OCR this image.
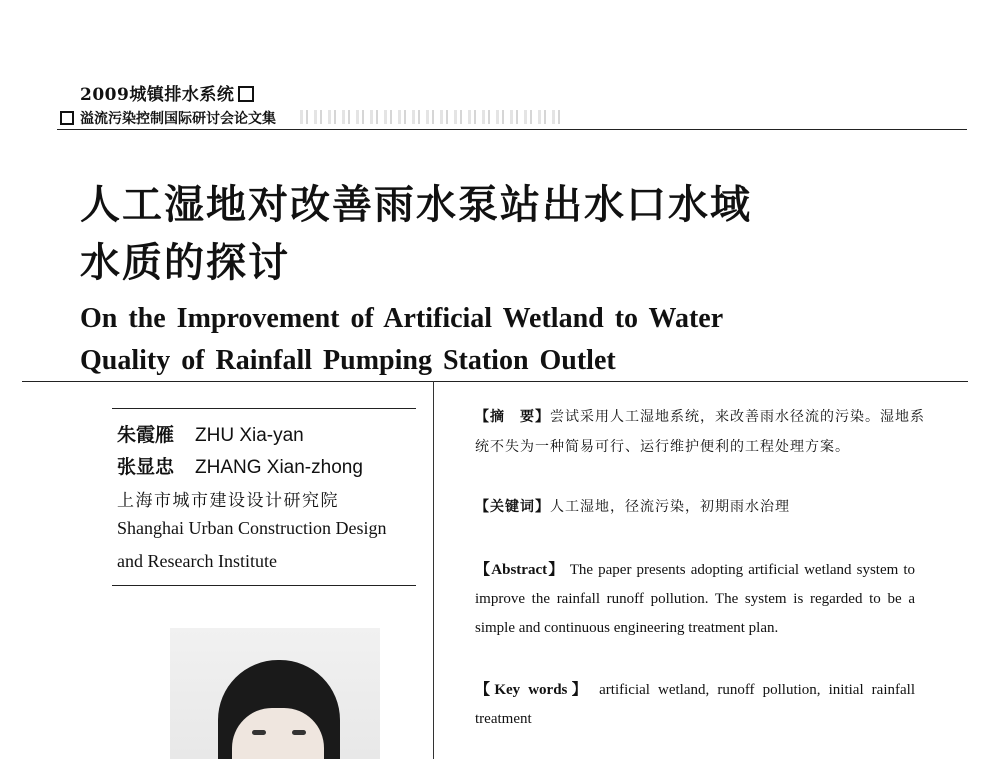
2009城镇排水系统
溢流污染控制国际研讨会论文集
人工湿地对改善雨水泵站出水口水域
水质的探讨
On the Improvement of Artificial Wetland to Water
Quality of Rainfall Pumping Station Outlet
朱霞雁 ZHU Xia-yan
张显忠 ZHANG Xian-zhong
上海市城市建设设计研究院
Shanghai Urban Construction Design
and Research Institute
【摘　要】尝试采用人工湿地系统，来改善雨水径流的污染。湿地系统不失为一种简易可行、运行维护便利的工程处理方案。
【关键词】人工湿地，径流污染，初期雨水治理
【Abstract】 The paper presents adopting artificial wetland system to improve the rainfall runoff pollution. The system is regarded to be a simple and continuous engineering treatment plan.
【Key words】 artificial wetland, runoff pollution, initial rainfall treatment
